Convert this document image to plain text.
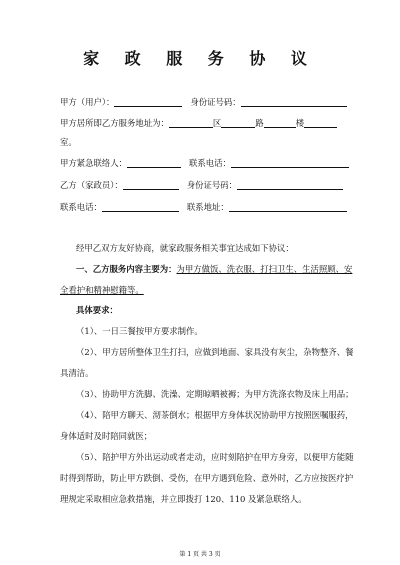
家 政 服 务 协 议
甲方（用户）：	身份证号码：
甲方居所即乙方服务地址为：	区	路	楼
室。
甲方紧急联络人：	联系电话：
乙方（家政员）：	身份证号码：
联系电话：	联系地址：
经甲乙双方友好协商，就家政服务相关事宜达成如下协议：
一、乙方服务内容主要为：为甲方做饭、洗衣服、打扫卫生、生活照顾、安
全看护和精神慰籍等。
具体要求：
（1）、一日三餐按甲方要求制作。
（2）、甲方居所整体卫生打扫，应做到地面、家具没有灰尘，杂物整齐、餐
具清洁。
（3）、协助甲方洗脚、洗澡、定期晾晒被褥；为甲方洗涤衣物及床上用品；
（4）、陪甲方聊天、沏茶倒水；根据甲方身体状况协助甲方按照医嘱服药，
身体适时及时陪同就医；
（5）、陪护甲方外出运动或者走动，应时刻陪护在甲方身旁，以便甲方能随
时得到帮助，防止甲方跌倒、受伤，在甲方遇到危险、意外时，乙方应按医疗护
理规定采取相应急救措施，并立即拨打 120、110 及紧急联络人。
第 1 页 共 3 页
